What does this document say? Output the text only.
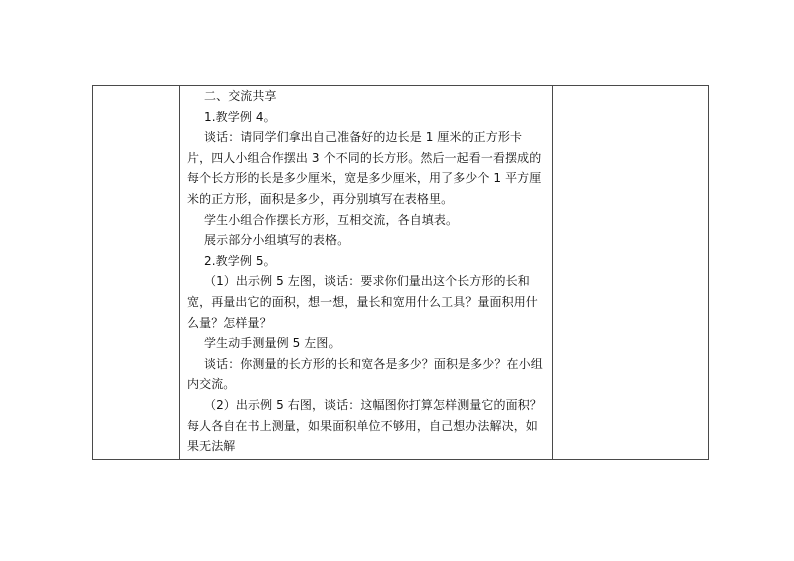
二、交流共享

1.教学例 4。

谈话：请同学们拿出自己准备好的边长是 1 厘米的正方形卡片，四人小组合作摆出 3 个不同的长方形。然后一起看一看摆成的每个长方形的长是多少厘米，宽是多少厘米，用了多少个 1 平方厘米的正方形，面积是多少，再分别填写在表格里。

学生小组合作摆长方形，互相交流，各自填表。

展示部分小组填写的表格。

2.教学例 5。

（1）出示例 5 左图，谈话：要求你们量出这个长方形的长和宽，再量出它的面积，想一想，量长和宽用什么工具？量面积用什么量？怎样量？

学生动手测量例 5 左图。

谈话：你测量的长方形的长和宽各是多少？面积是多少？在小组内交流。

（2）出示例 5 右图，谈话：这幅图你打算怎样测量它的面积？每人各自在书上测量，如果面积单位不够用，自己想办法解决，如果无法解
